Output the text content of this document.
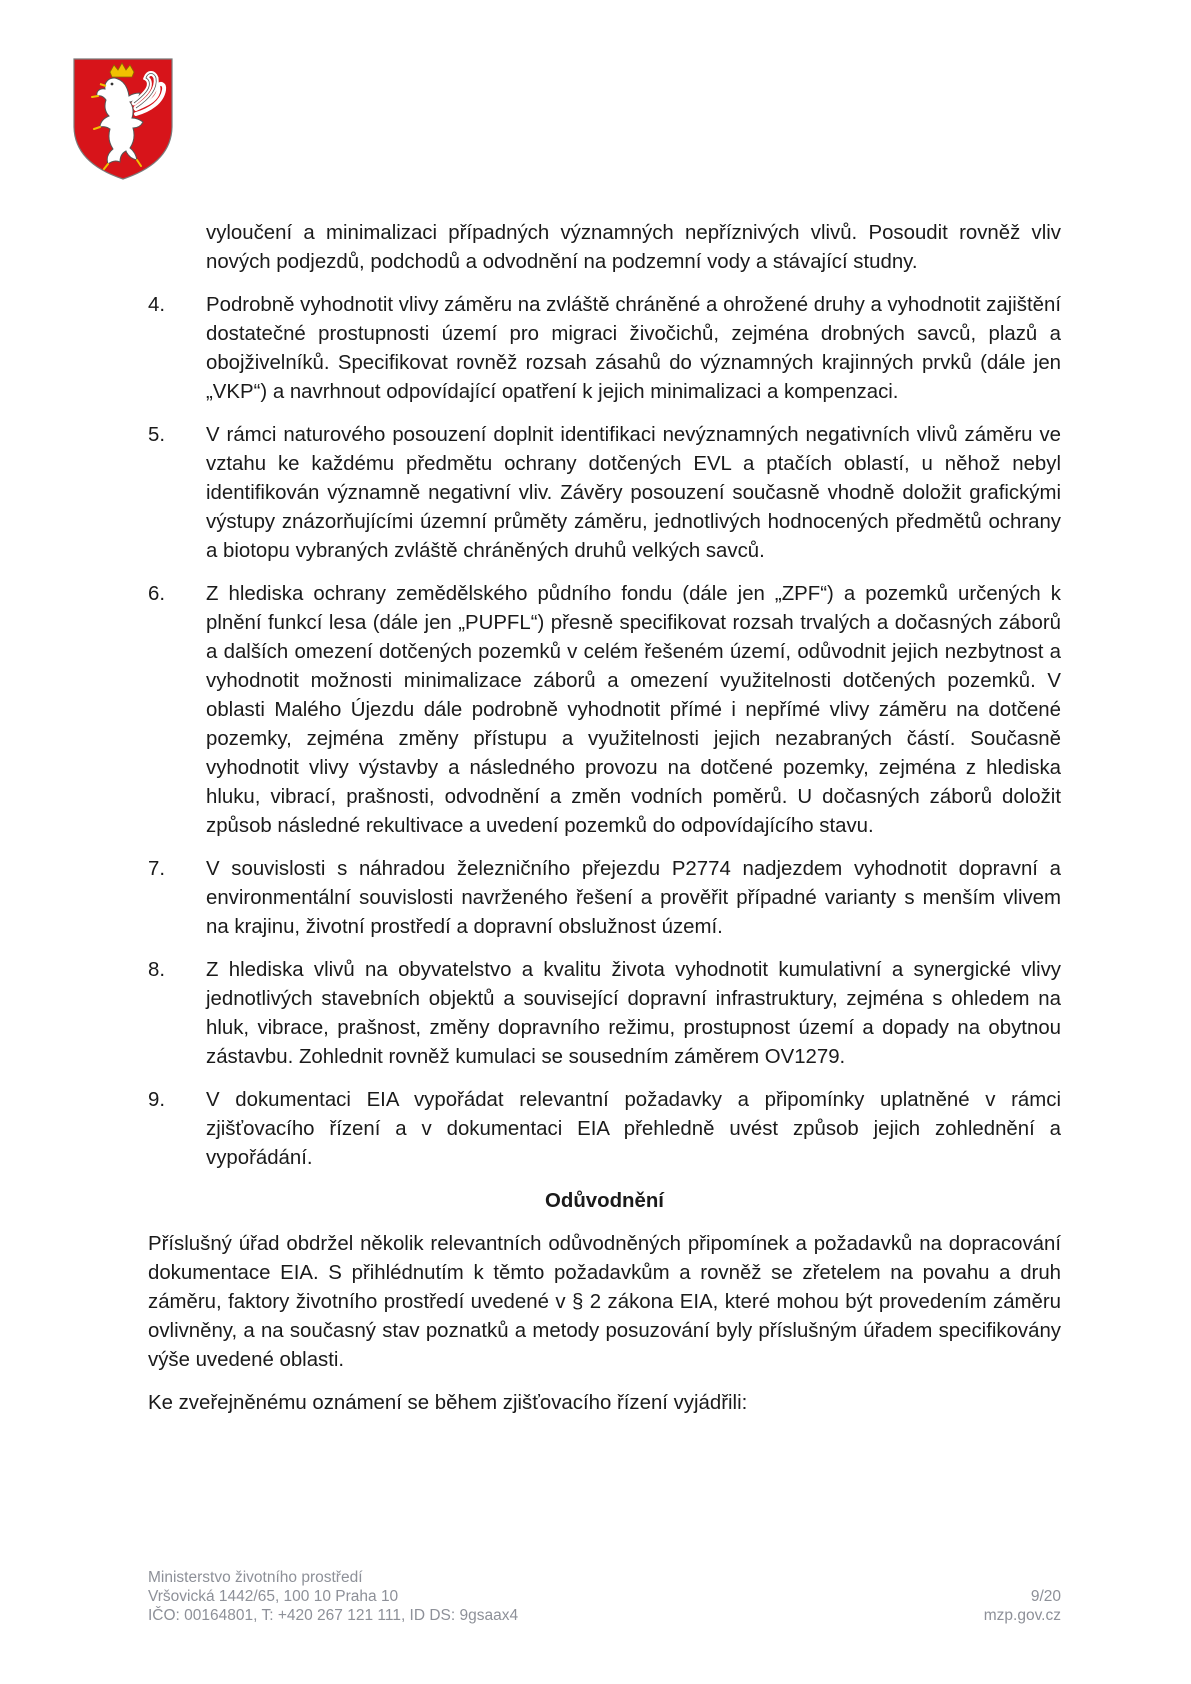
vyloučení a minimalizaci případných významných nepříznivých vlivů. Posoudit rovněž vliv nových podjezdů, podchodů a odvodnění na podzemní vody a stávající studny.

4.	Podrobně vyhodnotit vlivy záměru na zvláště chráněné a ohrožené druhy a vyhodnotit zajištění dostatečné prostupnosti území pro migraci živočichů, zejména drobných savců, plazů a obojživelníků. Specifikovat rovněž rozsah zásahů do významných krajinných prvků (dále jen „VKP“) a navrhnout odpovídající opatření k jejich minimalizaci a kompenzaci.
5.	V rámci naturového posouzení doplnit identifikaci nevýznamných negativních vlivů záměru ve vztahu ke každému předmětu ochrany dotčených EVL a ptačích oblastí, u něhož nebyl identifikován významně negativní vliv. Závěry posouzení současně vhodně doložit grafickými výstupy znázorňujícími územní průměty záměru, jednotlivých hodnocených předmětů ochrany a biotopu vybraných zvláště chráněných druhů velkých savců.
6.	Z hlediska ochrany zemědělského půdního fondu (dále jen „ZPF“) a pozemků určených k plnění funkcí lesa (dále jen „PUPFL“) přesně specifikovat rozsah trvalých a dočasných záborů a dalších omezení dotčených pozemků v celém řešeném území, odůvodnit jejich nezbytnost a vyhodnotit možnosti minimalizace záborů a omezení využitelnosti dotčených pozemků. V oblasti Malého Újezdu dále podrobně vyhodnotit přímé i nepřímé vlivy záměru na dotčené pozemky, zejména změny přístupu a využitelnosti jejich nezabraných částí. Současně vyhodnotit vlivy výstavby a následného provozu na dotčené pozemky, zejména z hlediska hluku, vibrací, prašnosti, odvodnění a změn vodních poměrů. U dočasných záborů doložit způsob následné rekultivace a uvedení pozemků do odpovídajícího stavu.
7.	V souvislosti s náhradou železničního přejezdu P2774 nadjezdem vyhodnotit dopravní a environmentální souvislosti navrženého řešení a prověřit případné varianty s menším vlivem na krajinu, životní prostředí a dopravní obslužnost území.
8.	Z hlediska vlivů na obyvatelstvo a kvalitu života vyhodnotit kumulativní a synergické vlivy jednotlivých stavebních objektů a související dopravní infrastruktury, zejména s ohledem na hluk, vibrace, prašnost, změny dopravního režimu, prostupnost území a dopady na obytnou zástavbu. Zohlednit rovněž kumulaci se sousedním záměrem OV1279.
9.	V dokumentaci EIA vypořádat relevantní požadavky a připomínky uplatněné v rámci zjišťovacího řízení a v dokumentaci EIA přehledně uvést způsob jejich zohlednění a vypořádání.
Odůvodnění

Příslušný úřad obdržel několik relevantních odůvodněných připomínek a požadavků na dopracování dokumentace EIA. S přihlédnutím k těmto požadavkům a rovněž se zřetelem na povahu a druh záměru, faktory životního prostředí uvedené v § 2 zákona EIA, které mohou být provedením záměru ovlivněny, a na současný stav poznatků a metody posuzování byly příslušným úřadem specifikovány výše uvedené oblasti.

Ke zveřejněnému oznámení se během zjišťovacího řízení vyjádřili:

Ministerstvo životního prostředí
Vršovická 1442/65, 100 10 Praha 10
IČO: 00164801, T: +420 267 121 111, ID DS: 9gsaax4
9/20
mzp.gov.cz
